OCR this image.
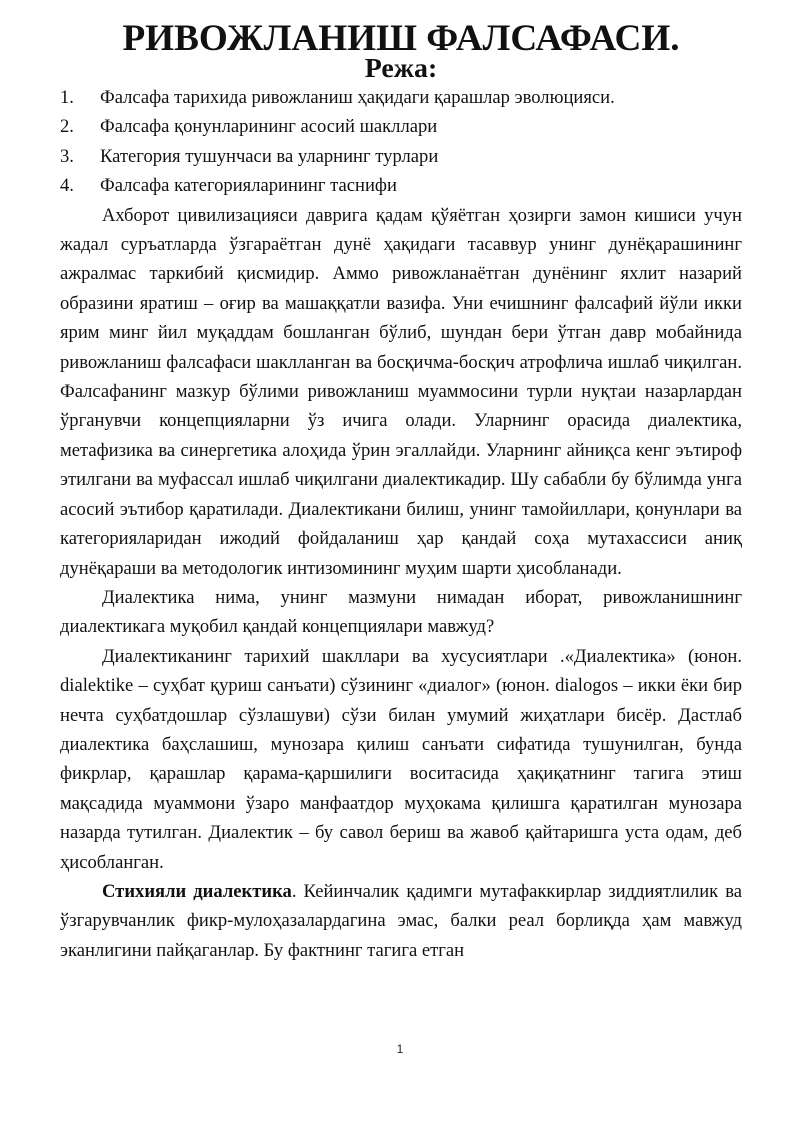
РИВОЖЛАНИШ ФАЛСАФАСИ.
Режа:
1.	Фалсафа тарихида ривожланиш ҳақидаги қарашлар эволюцияси.
2.	Фалсафа қонунларининг асосий шакллари
3.	Категория тушунчаси ва уларнинг турлари
4.	Фалсафа категорияларининг таснифи

Ахборот цивилизацияси даврига қадам қўяётган ҳозирги замон кишиси учун жадал суръатларда ўзгараётган дунё ҳақидаги тасаввур унинг дунёқарашининг ажралмас таркибий қисмидир. Аммо ривожланаётган дунёнинг яхлит назарий образини яратиш – оғир ва машаққатли вазифа. Уни ечишнинг фалсафий йўли икки ярим минг йил муқаддам бошланган бўлиб, шундан бери ўтган давр мобайнида ривожланиш фалсафаси шаклланган ва босқичма-босқич атрофлича ишлаб чиқилган. Фалсафанинг мазкур бўлими ривожланиш муаммосини турли нуқтаи назарлардан ўрганувчи концепцияларни ўз ичига олади. Уларнинг орасида диалектика, метафизика ва синергетика алоҳида ўрин эгаллайди. Уларнинг айниқса кенг эътироф этилгани ва муфассал ишлаб чиқилгани диалектикадир. Шу сабабли бу бўлимда унга асосий эътибор қаратилади. Диалектикани билиш, унинг тамойиллари, қонунлари ва категорияларидан ижодий фойдаланиш ҳар қандай соҳа мутахассиси аниқ дунёқараши ва методологик интизомининг муҳим шарти ҳисобланади.

Диалектика нима, унинг мазмуни нимадан иборат, ривожланишнинг диалектикага муқобил қандай концепциялари мавжуд?

Диалектиканинг тарихий шакллари ва хусусиятлари .«Диалектика» (юнон. dialektike – суҳбат қуриш санъати) сўзининг «диалог» (юнон. dialogos – икки ёки бир нечта суҳбатдошлар сўзлашуви) сўзи билан умумий жиҳатлари бисёр. Дастлаб диалектика баҳслашиш, мунозара қилиш санъати сифатида тушунилган, бунда фикрлар, қарашлар қарама-қаршилиги воситасида ҳақиқатнинг тагига этиш мақсадида муаммони ўзаро манфаатдор муҳокама қилишга қаратилган мунозара назарда тутилган. Диалектик – бу савол бериш ва жавоб қайтаришга уста одам, деб ҳисобланган.

Стихияли диалектика. Кейинчалик қадимги мутафаккирлар зиддиятлилик ва ўзгарувчанлик фикр-мулоҳазалардагина эмас, балки реал борлиқда ҳам мавжуд эканлигини пайқаганлар. Бу фактнинг тагига етган

1
